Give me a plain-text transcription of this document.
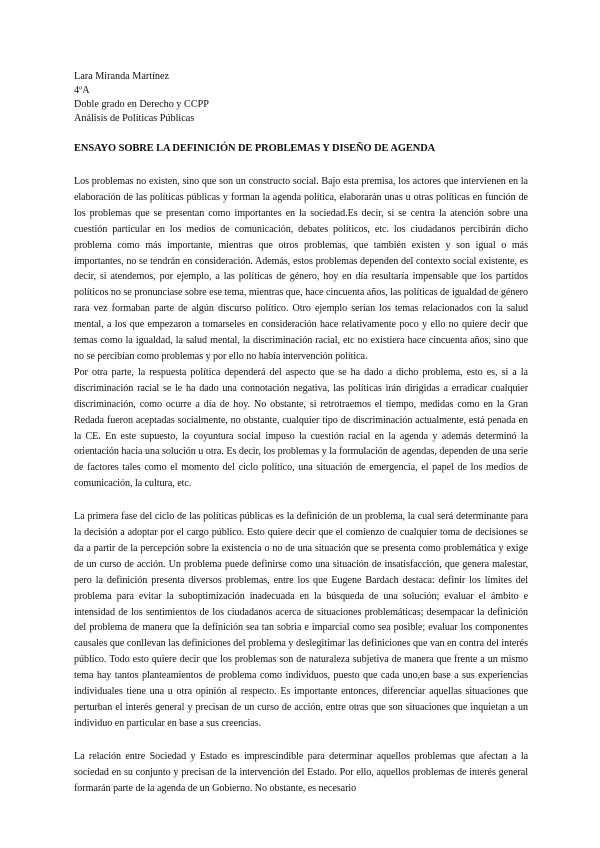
Lara Miranda Martínez

4ºA

Doble grado en Derecho y CCPP

Análisis de Políticas Públicas

ENSAYO SOBRE LA DEFINICIÓN DE PROBLEMAS Y DISEÑO DE AGENDA

Los problemas no existen, sino que son un constructo social. Bajo esta premisa, los actores que intervienen en la elaboración de las políticas públicas y forman la agenda política, elaborarán unas u otras políticas en función de los problemas que se presentan como importantes en la sociedad.Es decir, si se centra la atención sobre una cuestión particular en los medios de comunicación, debates políticos, etc. los ciudadanos percibirán dicho problema como más importante, mientras que otros problemas, que también existen y son igual o más importantes, no se tendrán en consideración. Además, estos problemas dependen del contexto social existente, es decir, si atendemos, por ejemplo, a las políticas de género, hoy en día resultaría impensable que los partidos políticos no se pronunciase sobre ese tema, mientras que, hace cincuenta años, las políticas de igualdad de género rara vez formaban parte de algún discurso político. Otro ejemplo serían los temas relacionados con la salud mental, a los que empezaron a tomarseles en consideración hace relativamente poco y ello no quiere decir que temas como la igualdad, la salud mental, la discriminación racial, etc no existiera hace cincuenta años, sino que no se percibían como problemas y por ello no había intervención política.

Por otra parte, la respuesta política dependerá del aspecto que se ha dado a dicho problema, esto es, si a la discriminación racial se le ha dado una connotación negativa, las políticas irán dirigidas a erradicar cualquier discriminación, como ocurre a día de hoy. No obstante, si retrotraemos el tiempo, medidas como en la Gran Redada fueron aceptadas socialmente, no obstante, cualquier tipo de discriminación actualmente, está penada en la CE. En este supuesto, la coyuntura social impuso la cuestión racial en la agenda y además determinó la orientación hacia una solución u otra. Es decir, los problemas y la formulación de agendas, dependen de una serie de factores tales como el momento del ciclo político, una situación de emergencia, el papel de los medios de comunicación, la cultura, etc.

La primera fase del ciclo de las políticas públicas es la definición de un problema, la cual será determinante para la decisión a adoptar por el cargo público. Esto quiere decir que el comienzo de cualquier toma de decisiones se da a partir de la percepción sobre la existencia o no de una situación que se presenta como problemática y exige de un curso de acción. Un problema puede definirse como una situación de insatisfacción, que genera malestar, pero la definición presenta diversos problemas, entre los que Eugene Bardach destaca: definir los límites del problema para evitar la suboptimización inadecuada en la búsqueda de una solución; evaluar el ámbito e intensidad de los sentimientos de los ciudadanos acerca de situaciones problemáticas; desempacar la definición del problema de manera que la definición sea tan sobria e imparcial como sea posible; evaluar los componentes causales que conllevan las definiciones del problema y deslegitimar las definiciones que van en contra del interés público. Todo esto quiere decir que los problemas son de naturaleza subjetiva de manera que frente a un mismo tema hay tantos planteamientos de problema como individuos, puesto que cada uno,en base a sus experiencias individuales tiene una u otra opinión al respecto. Es importante entonces, diferenciar aquellas situaciones que perturban el interés general y precisan de un curso de acción, entre otras que son situaciones que inquietan a un individuo en particular en base a sus creencias.

La relación entre Sociedad y Estado es imprescindible para determinar aquellos problemas que afectan a la sociedad en su conjunto y precisan de la intervención del Estado. Por ello, aquellos problemas de interés general formarán parte de la agenda de un Gobierno. No obstante, es necesario
